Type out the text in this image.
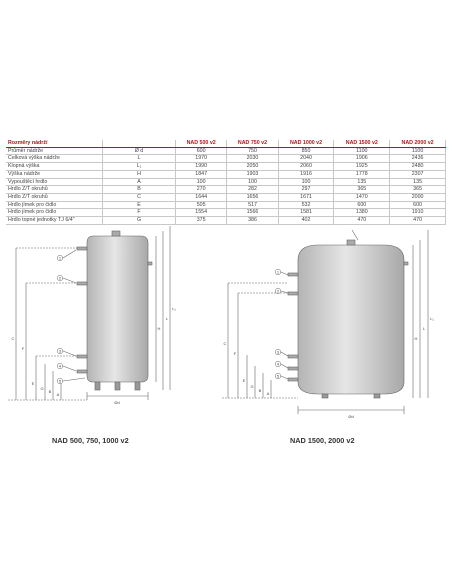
Rozměry nádrží		NAD 500 v2	NAD 750 v2	NAD 1000 v2	NAD 1500 v2	NAD 2000 v2
Průměr nádrže	Ø d	600	750	850	1100	1100
Celková výška nádrže	L	1970	2030	2040	1906	2436
Klopná výška	L₁	1990	2050	2060	1925	2480
Výška nádrže	H	1847	1903	1916	1778	2307
Vypouštěcí hrdlo	A	100	100	100	135	135
Hrdlo Z/T okruhů	B	270	282	297	365	365
Hrdlo Z/T okruhů	C	1644	1656	1671	1470	2000
Hrdlo jímek pro čidlo	E	505	517	532	600	600
Hrdlo jímek pro čidlo	F	1554	1566	1581	1380	1910
Hrdlo topné jednotky TJ 6/4"	G	375	386	402	470	470
1
2
3
4
5
Ød
L₁
L
H
C
F
E
G
B
A
1
2
3
4
5
Ød
L₁
L
H
C
F
E
G
B
A
NAD 500, 750, 1000 v2	NAD 1500, 2000 v2
